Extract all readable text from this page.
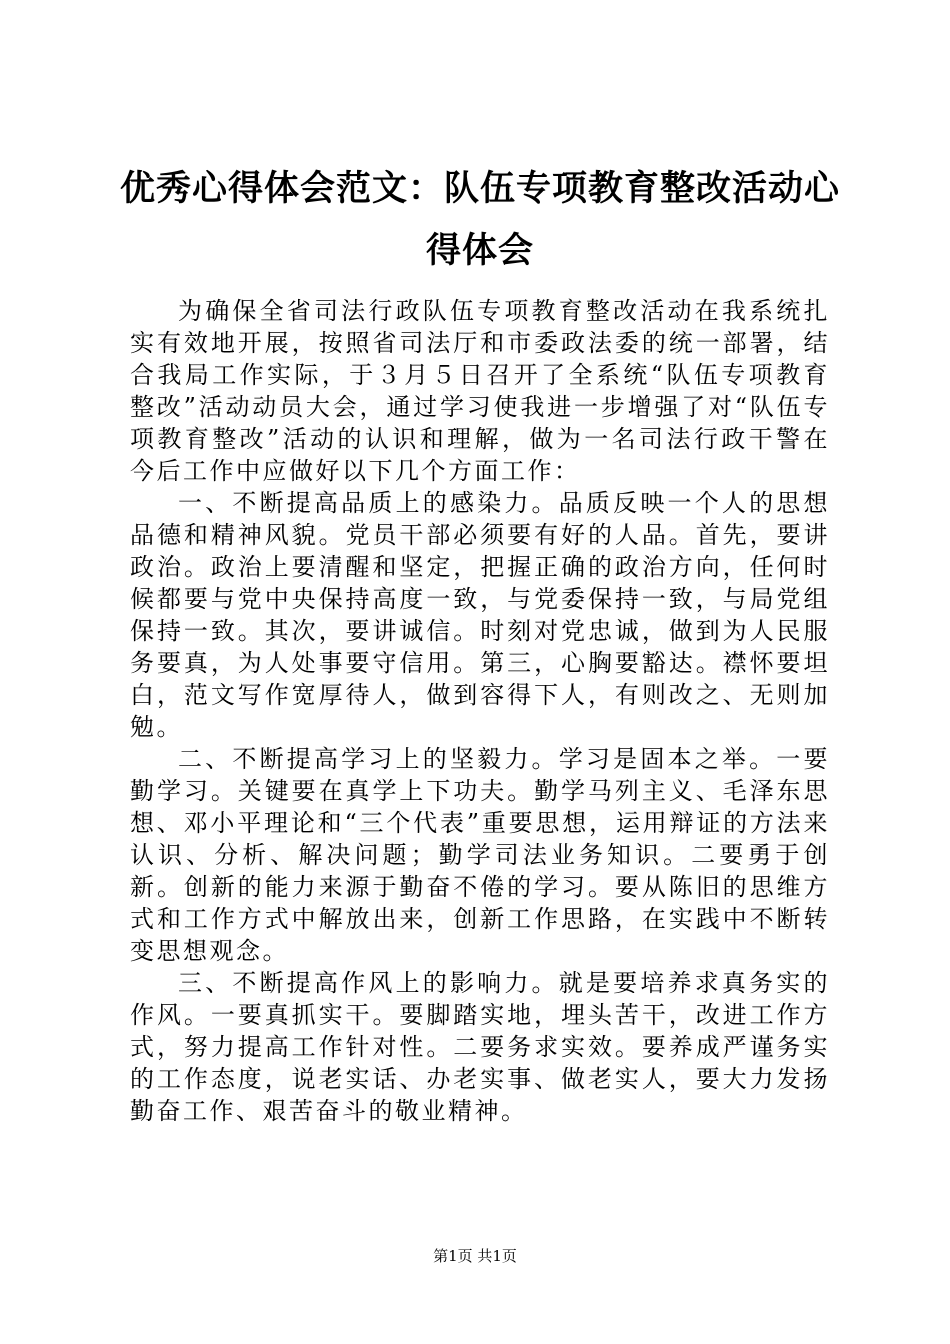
优秀心得体会范文：队伍专项教育整改活动心得体会

为确保全省司法行政队伍专项教育整改活动在我系统扎实有效地开展，按照省司法厅和市委政法委的统一部署，结合我局工作实际，于３月５日召开了全系统“队伍专项教育整改”活动动员大会，通过学习使我进一步增强了对“队伍专项教育整改”活动的认识和理解，做为一名司法行政干警在今后工作中应做好以下几个方面工作：

一、不断提高品质上的感染力。品质反映一个人的思想品德和精神风貌。党员干部必须要有好的人品。首先，要讲政治。政治上要清醒和坚定，把握正确的政治方向，任何时候都要与党中央保持高度一致，与党委保持一致，与局党组保持一致。其次，要讲诚信。时刻对党忠诚，做到为人民服务要真，为人处事要守信用。第三，心胸要豁达。襟怀要坦白，范文写作宽厚待人，做到容得下人，有则改之、无则加勉。

二、不断提高学习上的坚毅力。学习是固本之举。一要勤学习。关键要在真学上下功夫。勤学马列主义、毛泽东思想、邓小平理论和“三个代表”重要思想，运用辩证的方法来认识、分析、解决问题；勤学司法业务知识。二要勇于创新。创新的能力来源于勤奋不倦的学习。要从陈旧的思维方式和工作方式中解放出来，创新工作思路，在实践中不断转变思想观念。

三、不断提高作风上的影响力。就是要培养求真务实的作风。一要真抓实干。要脚踏实地，埋头苦干，改进工作方式，努力提高工作针对性。二要务求实效。要养成严谨务实的工作态度，说老实话、办老实事、做老实人，要大力发扬勤奋工作、艰苦奋斗的敬业精神。

第1页 共1页
